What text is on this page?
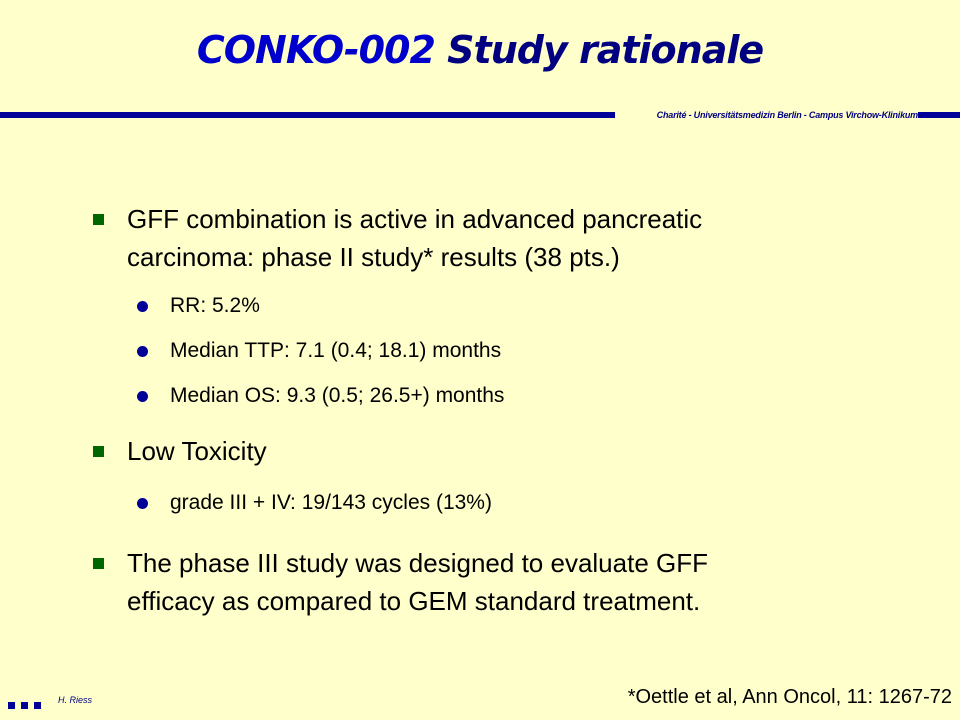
CONKO-002 Study rationale
Charité - Universitätsmedizin Berlin - Campus Virchow-Klinikum
GFF combination is active in advanced pancreatic
carcinoma: phase II study* results (38 pts.)
RR: 5.2%
Median TTP: 7.1 (0.4; 18.1) months
Median OS: 9.3 (0.5; 26.5+) months
Low Toxicity
grade III + IV: 19/143 cycles (13%)
The phase III study was designed to evaluate GFF
efficacy as compared to GEM standard treatment.
H. Riess	*Oettle et al, Ann Oncol, 11: 1267-72
